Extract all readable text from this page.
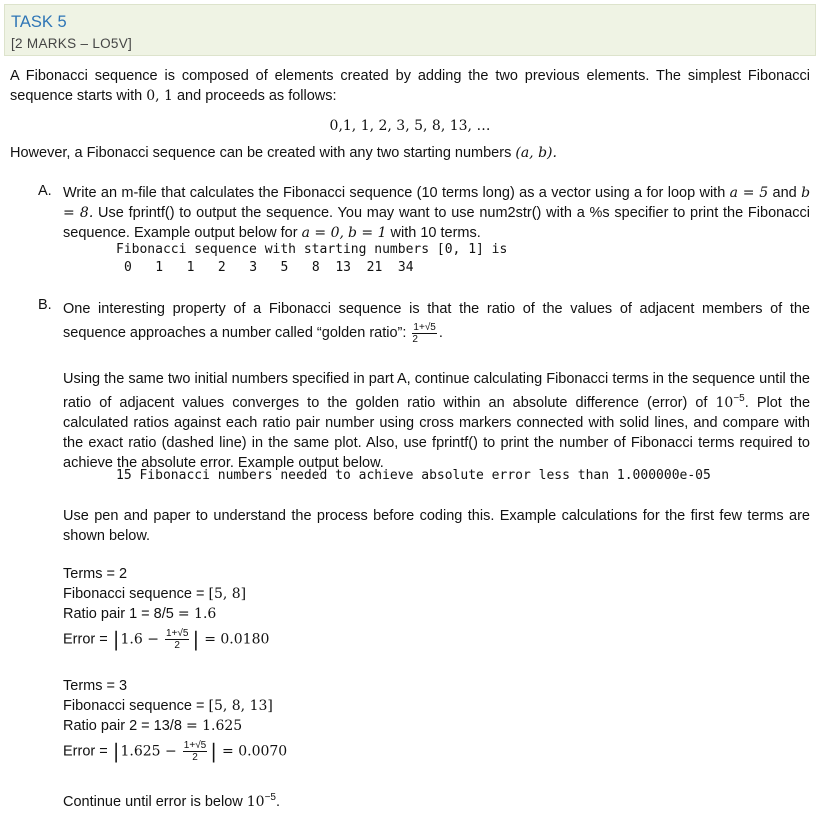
TASK 5
[2 MARKS – LO5V]
A Fibonacci sequence is composed of elements created by adding the two previous elements. The simplest Fibonacci sequence starts with 0, 1 and proceeds as follows:
0,1, 1, 2, 3, 5, 8, 13, …
However, a Fibonacci sequence can be created with any two starting numbers (a, b).
A. Write an m-file that calculates the Fibonacci sequence (10 terms long) as a vector using a for loop with a = 5 and b = 8. Use fprintf() to output the sequence. You may want to use num2str() with a %s specifier to print the Fibonacci sequence. Example output below for a = 0, b = 1 with 10 terms.
Fibonacci sequence with starting numbers [0, 1] is
0   1   1   2   3   5   8  13  21  34
B. One interesting property of a Fibonacci sequence is that the ratio of the values of adjacent members of the sequence approaches a number called “golden ratio”: $\frac{1+√5}{2}$ .
Using the same two initial numbers specified in part A, continue calculating Fibonacci terms in the sequence until the ratio of adjacent values converges to the golden ratio within an absolute difference (error) of $10^{-5}$. Plot the calculated ratios against each ratio pair number using cross markers connected with solid lines, and compare with the exact ratio (dashed line) in the same plot. Also, use fprintf() to print the number of Fibonacci terms required to achieve the absolute error. Example output below.
15 Fibonacci numbers needed to achieve absolute error less than 1.000000e-05
Use pen and paper to understand the process before coding this. Example calculations for the first few terms are shown below.
Terms = 2
Fibonacci sequence = [5, 8]
Ratio pair 1 = 8/5 = 1.6
Error = $|1.6 - \frac{1+√5}{2}$ | = 0.0180
Terms = 3
Fibonacci sequence = [5, 8, 13]
Ratio pair 2 = 13/8 = 1.625
Error = $|1.625 - \frac{1+√5}{2}$ | = 0.0070
Continue until error is below $10^{-5}$.
